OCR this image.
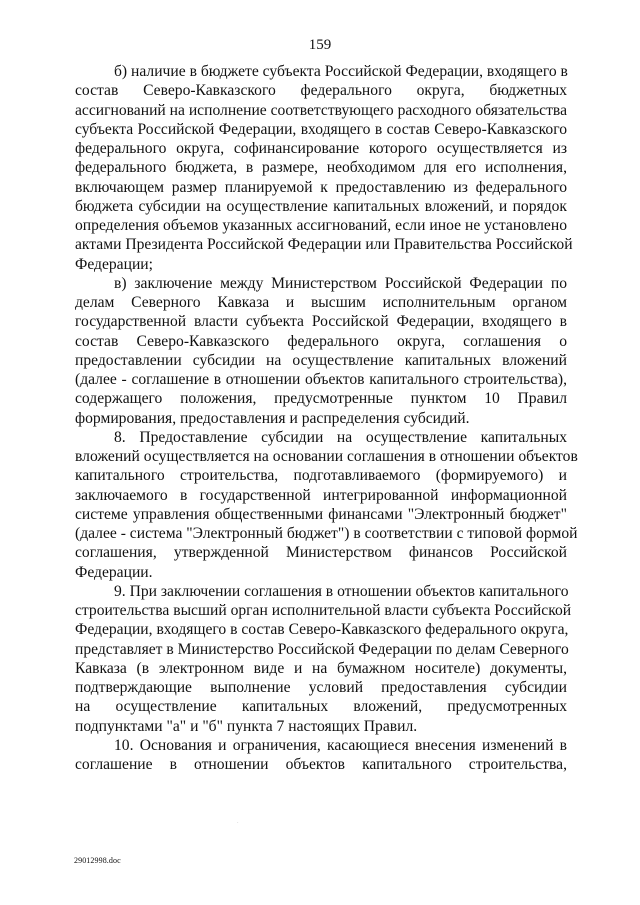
159

б) наличие в бюджете субъекта Российской Федерации, входящего в
состав Северо-Кавказского федерального округа, бюджетных
ассигнований на исполнение соответствующего расходного обязательства
субъекта Российской Федерации, входящего в состав Северо-Кавказского
федерального округа, софинансирование которого осуществляется из
федерального бюджета, в размере, необходимом для его исполнения,
включающем размер планируемой к предоставлению из федерального
бюджета субсидии на осуществление капитальных вложений, и порядок
определения объемов указанных ассигнований, если иное не установлено
актами Президента Российской Федерации или Правительства Российской
Федерации;

в) заключение между Министерством Российской Федерации по
делам Северного Кавказа и высшим исполнительным органом
государственной власти субъекта Российской Федерации, входящего в
состав Северо-Кавказского федерального округа, соглашения о
предоставлении субсидии на осуществление капитальных вложений
(далее - соглашение в отношении объектов капитального строительства),
содержащего положения, предусмотренные пунктом 10 Правил
формирования, предоставления и распределения субсидий.

8. Предоставление субсидии на осуществление капитальных
вложений осуществляется на основании соглашения в отношении объектов
капитального строительства, подготавливаемого (формируемого) и
заключаемого в государственной интегрированной информационной
системе управления общественными финансами "Электронный бюджет"
(далее - система "Электронный бюджет") в соответствии с типовой формой
соглашения, утвержденной Министерством финансов Российской
Федерации.

9. При заключении соглашения в отношении объектов капитального
строительства высший орган исполнительной власти субъекта Российской
Федерации, входящего в состав Северо-Кавказского федерального округа,
представляет в Министерство Российской Федерации по делам Северного
Кавказа (в электронном виде и на бумажном носителе) документы,
подтверждающие выполнение условий предоставления субсидии
на осуществление капитальных вложений, предусмотренных
подпунктами "а" и "б" пункта 7 настоящих Правил.

10. Основания и ограничения, касающиеся внесения изменений в
соглашение в отношении объектов капитального строительства,

·
29012998.doc
